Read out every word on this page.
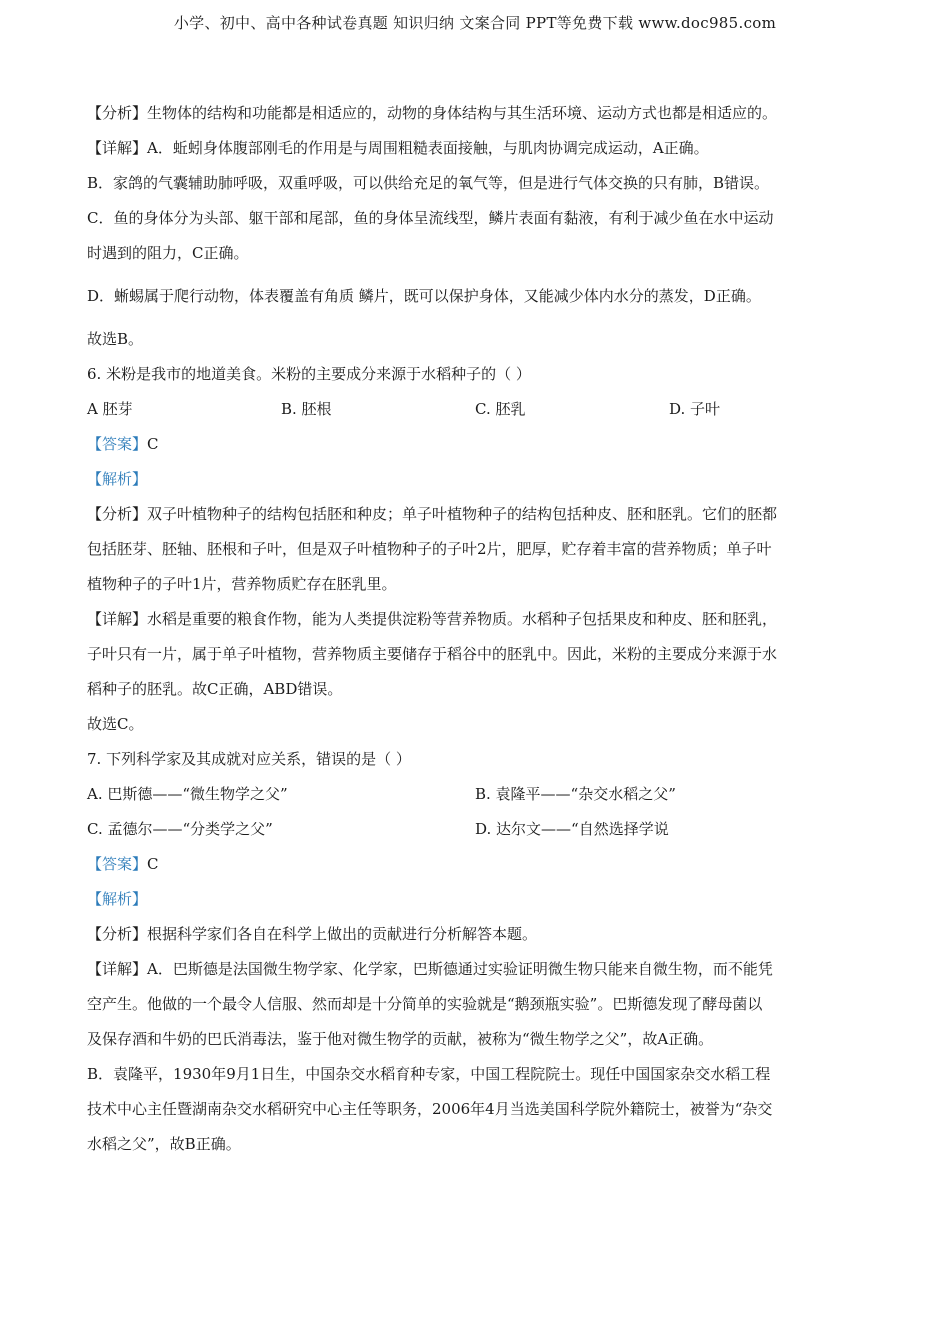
小学、初中、高中各种试卷真题 知识归纳 文案合同 PPT等免费下载 www.doc985.com
【分析】生物体的结构和功能都是相适应的，动物的身体结构与其生活环境、运动方式也都是相适应的。
【详解】A．蚯蚓身体腹部刚毛的作用是与周围粗糙表面接触，与肌肉协调完成运动，A正确。
B．家鸽的气囊辅助肺呼吸，双重呼吸，可以供给充足的氧气等，但是进行气体交换的只有肺，B错误。
C．鱼的身体分为头部、躯干部和尾部，鱼的身体呈流线型，鳞片表面有黏液，有利于减少鱼在水中运动
时遇到的阻力，C正确。
D．蜥蜴属于爬行动物，体表覆盖有角质 鳞片，既可以保护身体，又能减少体内水分的蒸发，D正确。
故选B。
6. 米粉是我市的地道美食。米粉的主要成分来源于水稻种子的（ ）
A 胚芽	B. 胚根	C. 胚乳	D. 子叶
【答案】C
【解析】
【分析】双子叶植物种子的结构包括胚和种皮；单子叶植物种子的结构包括种皮、胚和胚乳。它们的胚都
包括胚芽、胚轴、胚根和子叶，但是双子叶植物种子的子叶2片，肥厚，贮存着丰富的营养物质；单子叶
植物种子的子叶1片，营养物质贮存在胚乳里。
【详解】水稻是重要的粮食作物，能为人类提供淀粉等营养物质。水稻种子包括果皮和种皮、胚和胚乳，
子叶只有一片，属于单子叶植物，营养物质主要储存于稻谷中的胚乳中。因此，米粉的主要成分来源于水
稻种子的胚乳。故C正确，ABD错误。
故选C。
7. 下列科学家及其成就对应关系，错误的是（ ）
A. 巴斯德——“微生物学之父”	B. 袁隆平——“杂交水稻之父”
C. 孟德尔——“分类学之父”	D. 达尔文——“自然选择学说
【答案】C
【解析】
【分析】根据科学家们各自在科学上做出的贡献进行分析解答本题。
【详解】A．巴斯德是法国微生物学家、化学家，巴斯德通过实验证明微生物只能来自微生物，而不能凭
空产生。他做的一个最令人信服、然而却是十分简单的实验就是“鹅颈瓶实验”。巴斯德发现了酵母菌以
及保存酒和牛奶的巴氏消毒法，鉴于他对微生物学的贡献，被称为“微生物学之父”，故A正确。
B．袁隆平，1930年9月1日生，中国杂交水稻育种专家，中国工程院院士。现任中国国家杂交水稻工程
技术中心主任暨湖南杂交水稻研究中心主任等职务，2006年4月当选美国科学院外籍院士，被誉为“杂交
水稻之父”，故B正确。
